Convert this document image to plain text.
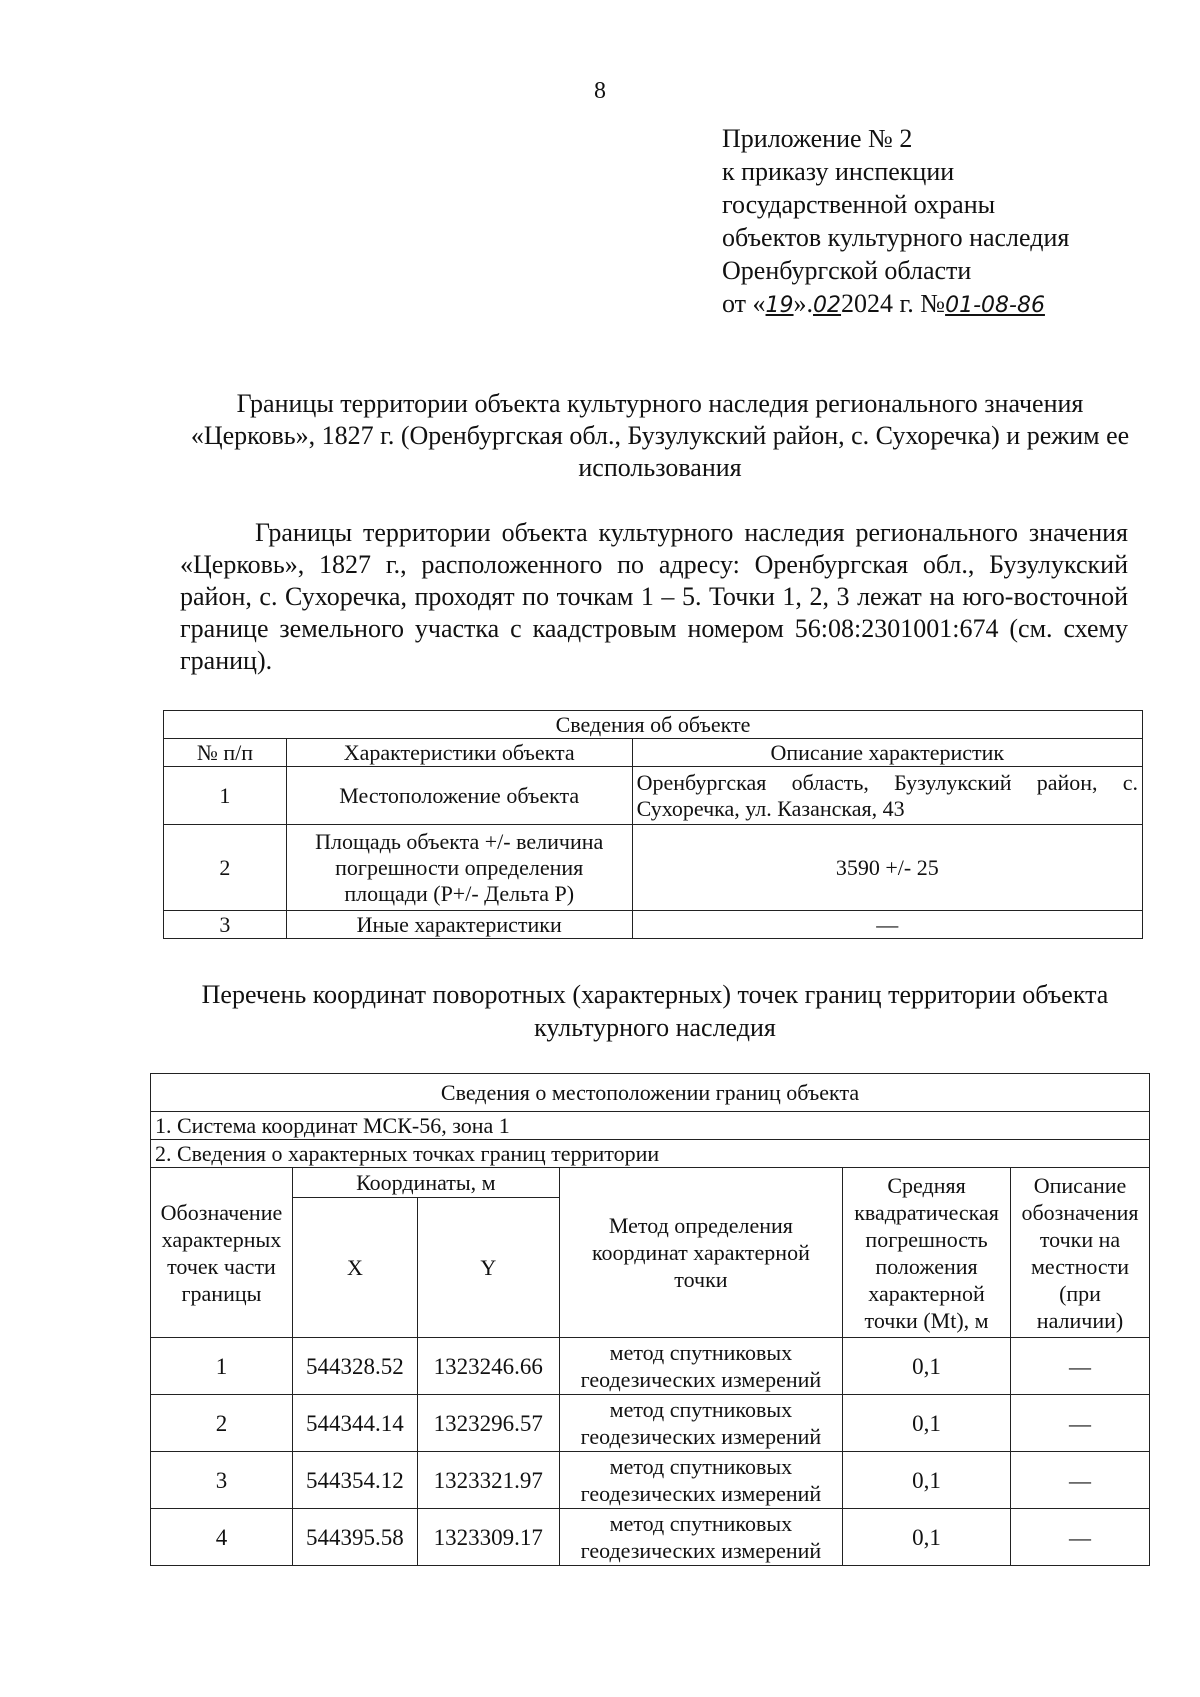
8
Приложение № 2
к приказу инспекции
государственной охраны
объектов культурного наследия
Оренбургской области
от «19».022024 г. №01-08-86
Границы территории объекта культурного наследия регионального значения «Церковь», 1827 г. (Оренбургская обл., Бузулукский район, с. Сухоречка) и режим ее использования
Границы территории объекта культурного наследия регионального значения «Церковь», 1827 г., расположенного по адресу: Оренбургская обл., Бузулукский район, с. Сухоречка, проходят по точкам 1 – 5. Точки 1, 2, 3 лежат на юго-восточной границе земельного участка с каадстровым номером 56:08:2301001:674 (см. схему границ).
Сведения об объекте		
№ п/п	Характеристики объекта	Описание характеристик
1	Местоположение объекта	Оренбургская область, Бузулукский район, с. Сухоречка, ул. Казанская, 43
2	Площадь объекта +/- величина погрешности определения площади (Р+/- Дельта Р)	3590 +/- 25
3	Иные характеристики	—
Перечень координат поворотных (характерных) точек границ территории объекта культурного наследия
Сведения о местоположении границ объекта					
1. Система координат МСК-56, зона 1					
2. Сведения о характерных точках границ территории					
Обозначение характерных точек части границы	Координаты, м		Метод определения координат характерной точки	Средняя квадратическая погрешность положения характерной точки (Mt), м	Описание обозначения точки на местности (при наличии)
	X	Y			
1	544328.52	1323246.66	метод спутниковых геодезических измерений	0,1	—
2	544344.14	1323296.57	метод спутниковых геодезических измерений	0,1	—
3	544354.12	1323321.97	метод спутниковых геодезических измерений	0,1	—
4	544395.58	1323309.17	метод спутниковых геодезических измерений	0,1	—
